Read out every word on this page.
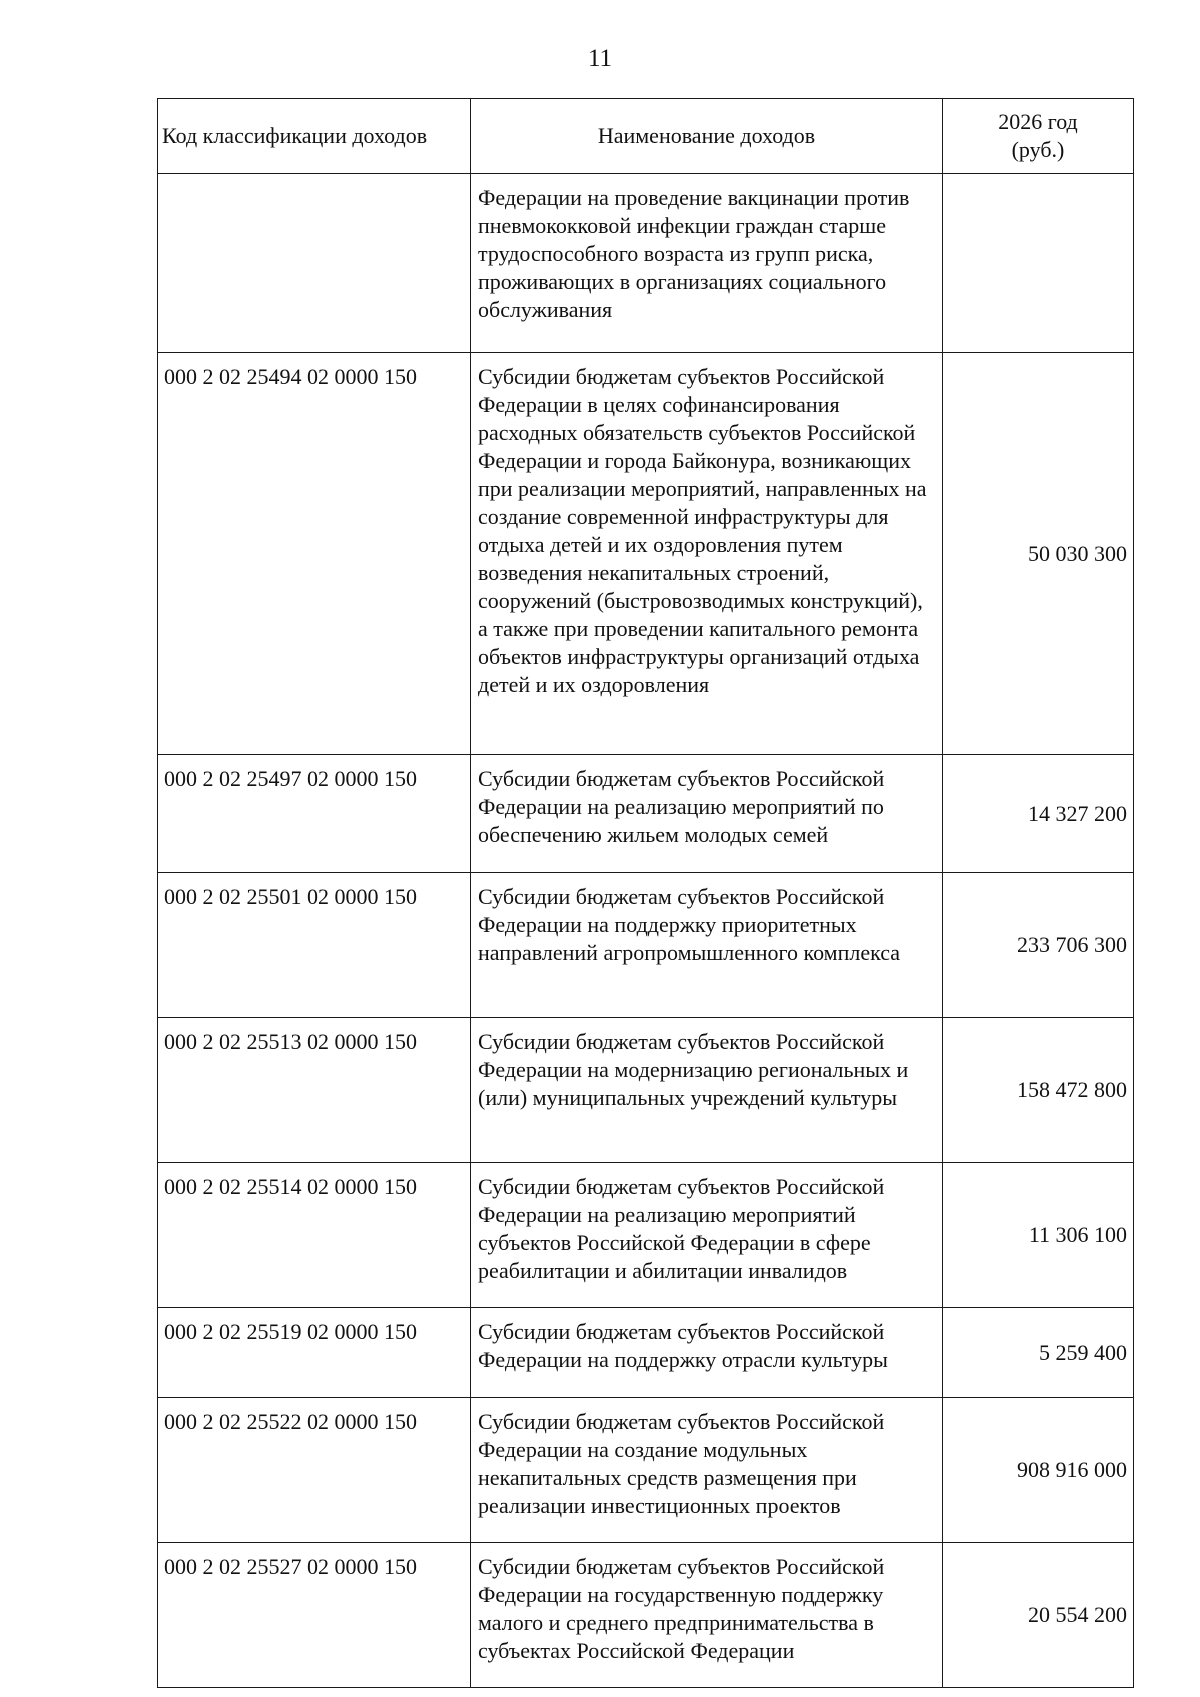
11
Код классификации доходов	Наименование доходов	2026 год
(руб.)
	Федерации на проведение вакцинации против пневмококковой инфекции граждан старше трудоспособного возраста из групп риска, проживающих в организациях социального обслуживания	
000 2 02 25494 02 0000 150	Субсидии бюджетам субъектов Российской Федерации в целях софинансирования расходных обязательств субъектов Российской Федерации и города Байконура, возникающих при реализации мероприятий, направленных на создание современной инфраструктуры для отдыха детей и их оздоровления путем возведения некапитальных строений, сооружений (быстровозводимых конструкций), а также при проведении капитального ремонта объектов инфраструктуры организаций отдыха детей и их оздоровления	50 030 300
000 2 02 25497 02 0000 150	Субсидии бюджетам субъектов Российской Федерации на реализацию мероприятий по обеспечению жильем молодых семей	14 327 200
000 2 02 25501 02 0000 150	Субсидии бюджетам субъектов Российской Федерации на поддержку приоритетных направлений агропромышленного комплекса	233 706 300
000 2 02 25513 02 0000 150	Субсидии бюджетам субъектов Российской Федерации на модернизацию региональных и (или) муниципальных учреждений культуры	158 472 800
000 2 02 25514 02 0000 150	Субсидии бюджетам субъектов Российской Федерации на реализацию мероприятий субъектов Российской Федерации в сфере реабилитации и абилитации инвалидов	11 306 100
000 2 02 25519 02 0000 150	Субсидии бюджетам субъектов Российской Федерации на поддержку отрасли культуры	5 259 400
000 2 02 25522 02 0000 150	Субсидии бюджетам субъектов Российской Федерации на создание модульных некапитальных средств размещения при реализации инвестиционных проектов	908 916 000
000 2 02 25527 02 0000 150	Субсидии бюджетам субъектов Российской Федерации на государственную поддержку малого и среднего предпринимательства в субъектах Российской Федерации	20 554 200
